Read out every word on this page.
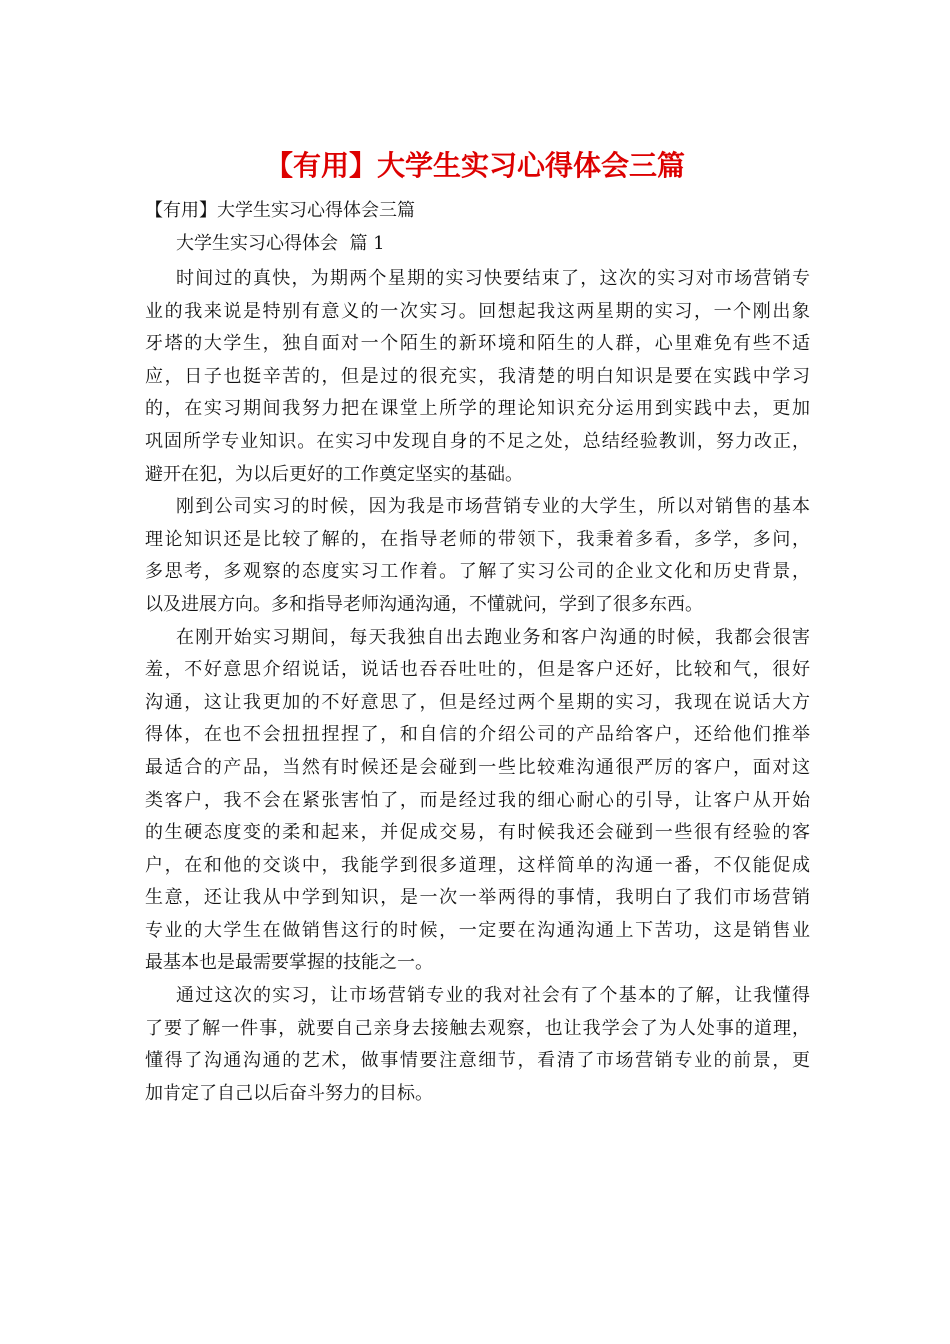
【有用】大学生实习心得体会三篇

【有用】大学生实习心得体会三篇

大学生实习心得体会  篇 1

时间过的真快，为期两个星期的实习快要结束了，这次的实习对市场营销专
业的我来说是特别有意义的一次实习。回想起我这两星期的实习，一个刚出象
牙塔的大学生，独自面对一个陌生的新环境和陌生的人群，心里难免有些不适
应，日子也挺辛苦的，但是过的很充实，我清楚的明白知识是要在实践中学习
的，在实习期间我努力把在课堂上所学的理论知识充分运用到实践中去，更加
巩固所学专业知识。在实习中发现自身的不足之处，总结经验教训，努力改正，
避开在犯，为以后更好的工作奠定坚实的基础。

刚到公司实习的时候，因为我是市场营销专业的大学生，所以对销售的基本
理论知识还是比较了解的，在指导老师的带领下，我秉着多看，多学，多问，
多思考，多观察的态度实习工作着。了解了实习公司的企业文化和历史背景，
以及进展方向。多和指导老师沟通沟通，不懂就问，学到了很多东西。

在刚开始实习期间，每天我独自出去跑业务和客户沟通的时候，我都会很害
羞，不好意思介绍说话，说话也吞吞吐吐的，但是客户还好，比较和气，很好
沟通，这让我更加的不好意思了，但是经过两个星期的实习，我现在说话大方
得体，在也不会扭扭捏捏了，和自信的介绍公司的产品给客户，还给他们推举
最适合的产品，当然有时候还是会碰到一些比较难沟通很严厉的客户，面对这
类客户，我不会在紧张害怕了，而是经过我的细心耐心的引导，让客户从开始
的生硬态度变的柔和起来，并促成交易，有时候我还会碰到一些很有经验的客
户，在和他的交谈中，我能学到很多道理，这样简单的沟通一番，不仅能促成
生意，还让我从中学到知识，是一次一举两得的事情，我明白了我们市场营销
专业的大学生在做销售这行的时候，一定要在沟通沟通上下苦功，这是销售业
最基本也是最需要掌握的技能之一。

通过这次的实习，让市场营销专业的我对社会有了个基本的了解，让我懂得
了要了解一件事，就要自己亲身去接触去观察，也让我学会了为人处事的道理，
懂得了沟通沟通的艺术，做事情要注意细节，看清了市场营销专业的前景，更
加肯定了自己以后奋斗努力的目标。
